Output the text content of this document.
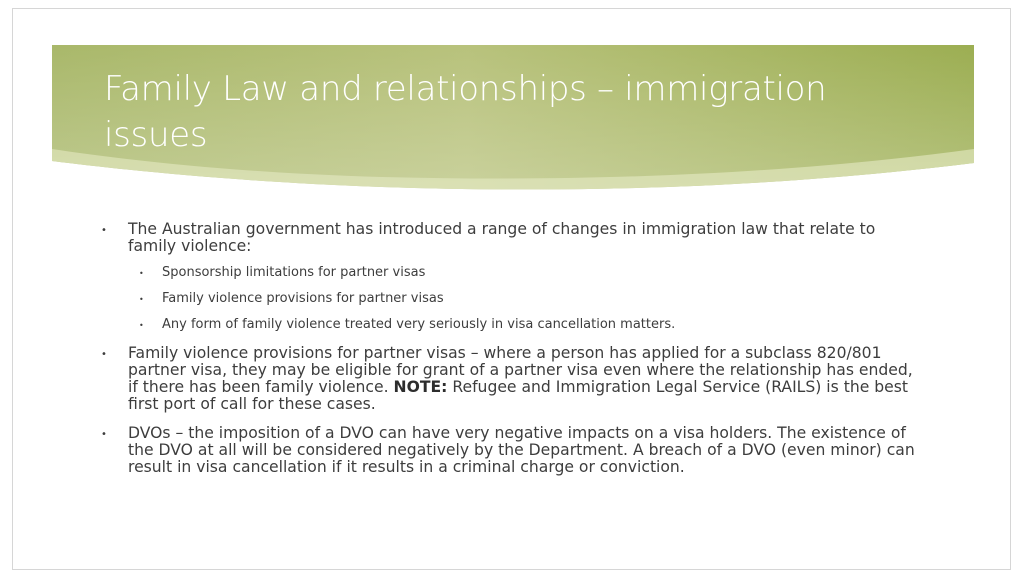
Family Law and relationships – immigration issues
• The Australian government has introduced a range of changes in immigration law that relate to family violence:
• Sponsorship limitations for partner visas
• Family violence provisions for partner visas
• Any form of family violence treated very seriously in visa cancellation matters.
• Family violence provisions for partner visas – where a person has applied for a subclass 820/801 partner visa, they may be eligible for grant of a partner visa even where the relationship has ended, if there has been family violence. NOTE: Refugee and Immigration Legal Service (RAILS) is the best first port of call for these cases.
• DVOs – the imposition of a DVO can have very negative impacts on a visa holders. The existence of the DVO at all will be considered negatively by the Department. A breach of a DVO (even minor) can result in visa cancellation if it results in a criminal charge or conviction.
